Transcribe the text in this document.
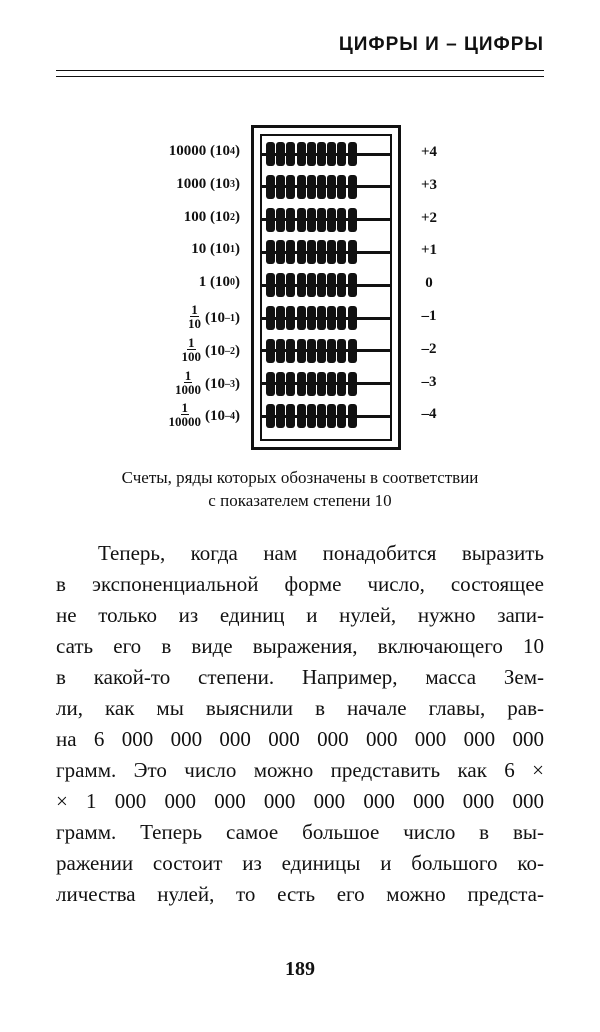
ЦИФРЫ И – ЦИФРЫ
10000 (10 4 )	+4
1000 (10 3 )	+3
100 (10 2 )	+2
10 (10 1 )	+1
1 (10 0 )	0
$\frac{1}{10} (10$ –1 )	–1
$\frac{1}{100} (10$ –2 )	–2
$\frac{1}{1000} (10$ –3 )	–3
$\frac{1}{10000} (10$ –4 )	–4
Счеты, ряды которых обозначены в соответствии
с показателем степени 10
Теперь, когда нам понадобится выразить
в экспоненциальной форме число, состоящее
не только из единиц и нулей, нужно запи-
сать его в виде выражения, включающего 10
в какой-то степени. Например, масса Зем-
ли, как мы выяснили в начале главы, рав-
на 6 000 000 000 000 000 000 000 000 000
грамм. Это число можно представить как 6 ×
× 1 000 000 000 000 000 000 000 000 000
грамм. Теперь самое большое число в вы-
ражении состоит из единицы и большого ко-
личества нулей, то есть его можно предста-
189
